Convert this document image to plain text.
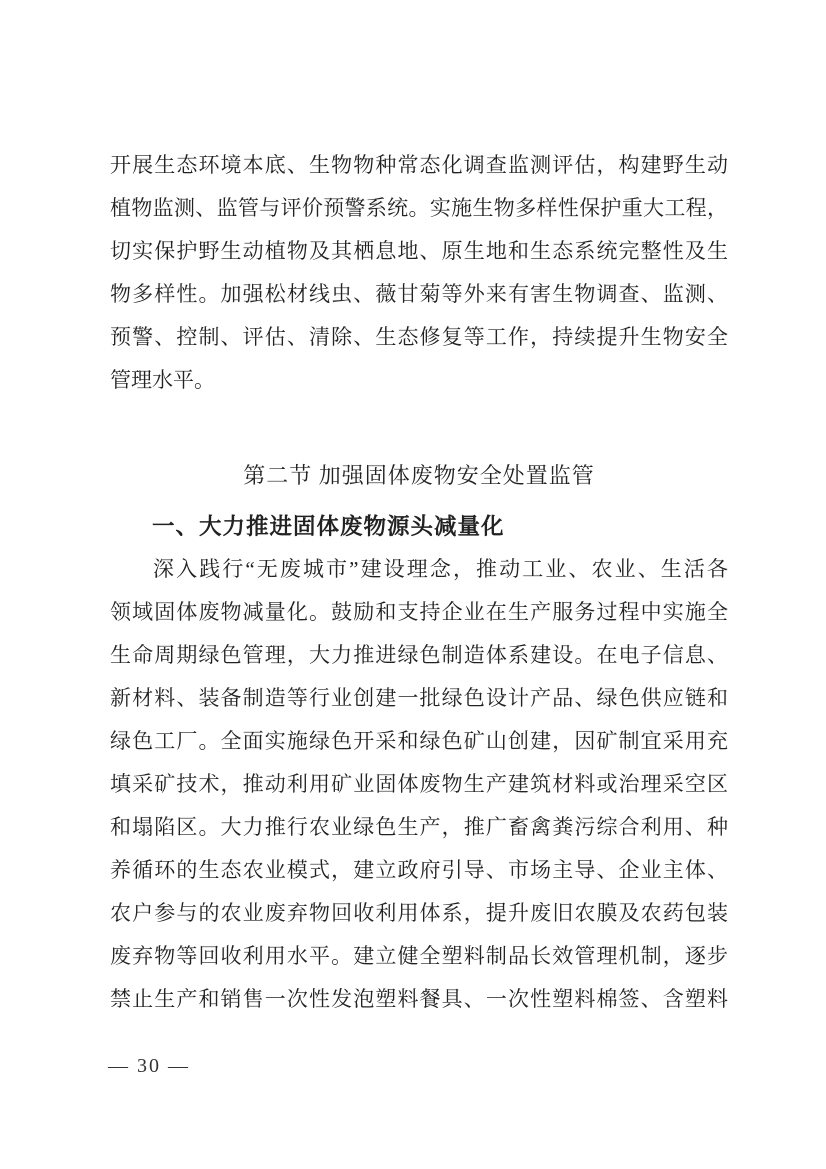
开展生态环境本底、生物物种常态化调查监测评估，构建野生动
植物监测、监管与评价预警系统。实施生物多样性保护重大工程，
切实保护野生动植物及其栖息地、原生地和生态系统完整性及生
物多样性。加强松材线虫、薇甘菊等外来有害生物调查、监测、
预警、控制、评估、清除、生态修复等工作，持续提升生物安全
管理水平。
第二节 加强固体废物安全处置监管
一、大力推进固体废物源头减量化
深入践行“无废城市”建设理念，推动工业、农业、生活各
领域固体废物减量化。鼓励和支持企业在生产服务过程中实施全
生命周期绿色管理，大力推进绿色制造体系建设。在电子信息、
新材料、装备制造等行业创建一批绿色设计产品、绿色供应链和
绿色工厂。全面实施绿色开采和绿色矿山创建，因矿制宜采用充
填采矿技术，推动利用矿业固体废物生产建筑材料或治理采空区
和塌陷区。大力推行农业绿色生产，推广畜禽粪污综合利用、种
养循环的生态农业模式，建立政府引导、市场主导、企业主体、
农户参与的农业废弃物回收利用体系，提升废旧农膜及农药包装
废弃物等回收利用水平。建立健全塑料制品长效管理机制，逐步
禁止生产和销售一次性发泡塑料餐具、一次性塑料棉签、含塑料
— 30 —
